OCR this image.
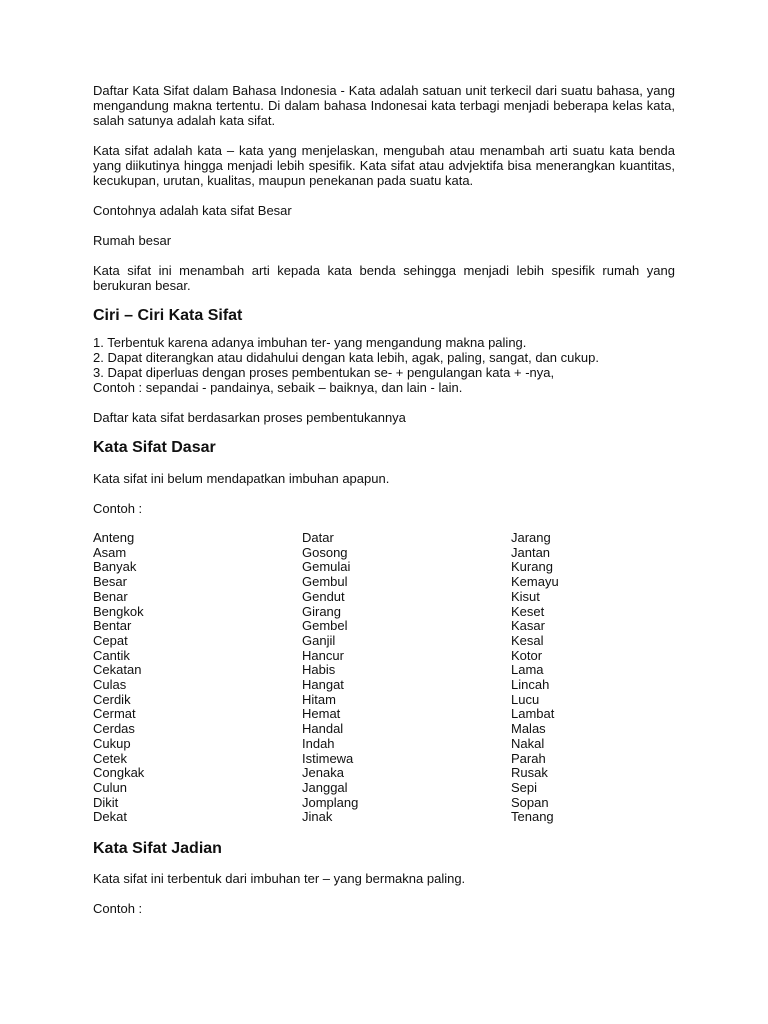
Daftar Kata Sifat dalam Bahasa Indonesia - Kata adalah satuan unit terkecil dari suatu bahasa, yang mengandung makna tertentu. Di dalam bahasa Indonesai kata terbagi menjadi beberapa kelas kata, salah satunya adalah kata sifat.

Kata sifat adalah kata – kata yang menjelaskan, mengubah atau menambah arti suatu kata benda yang diikutinya hingga menjadi lebih spesifik. Kata sifat atau advjektifa bisa menerangkan kuantitas, kecukupan, urutan, kualitas, maupun penekanan pada suatu kata.

Contohnya adalah kata sifat Besar

Rumah besar

Kata sifat ini menambah arti kepada kata benda sehingga menjadi lebih spesifik rumah yang berukuran besar.

Ciri – Ciri Kata Sifat

1. Terbentuk karena adanya imbuhan ter- yang mengandung makna paling.

2. Dapat diterangkan atau didahului dengan kata lebih, agak, paling, sangat, dan cukup.

3. Dapat diperluas dengan proses pembentukan se- + pengulangan kata + -nya,

Contoh : sepandai - pandainya, sebaik – baiknya, dan lain - lain.

Daftar kata sifat berdasarkan proses pembentukannya

Kata Sifat Dasar

Kata sifat ini belum mendapatkan imbuhan apapun.

Contoh :

Anteng
Asam
Banyak
Besar
Benar
Bengkok
Bentar
Cepat
Cantik
Cekatan
Culas
Cerdik
Cermat
Cerdas
Cukup
Cetek
Congkak
Culun
Dikit
Dekat
Datar
Gosong
Gemulai
Gembul
Gendut
Girang
Gembel
Ganjil
Hancur
Habis
Hangat
Hitam
Hemat
Handal
Indah
Istimewa
Jenaka
Janggal
Jomplang
Jinak
Jarang
Jantan
Kurang
Kemayu
Kisut
Keset
Kasar
Kesal
Kotor
Lama
Lincah
Lucu
Lambat
Malas
Nakal
Parah
Rusak
Sepi
Sopan
Tenang
Kata Sifat Jadian

Kata sifat ini terbentuk dari imbuhan ter – yang bermakna paling.

Contoh :
